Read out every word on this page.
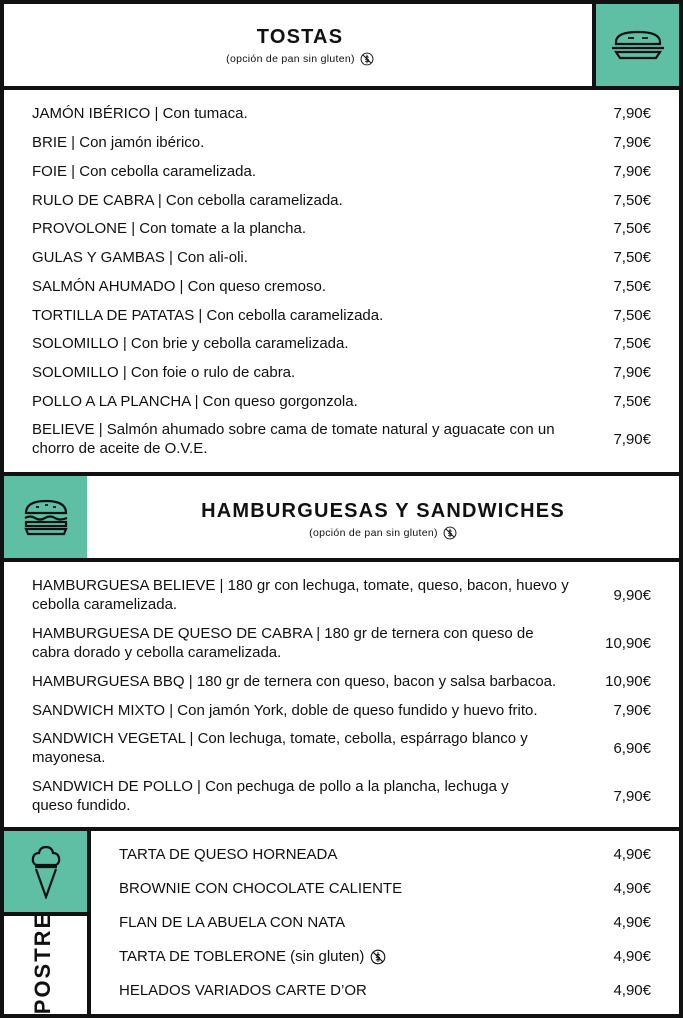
TOSTAS
(opción de pan sin gluten)
JAMÓN IBÉRICO | Con tumaca.	7,90€
BRIE | Con jamón ibérico.	7,90€
FOIE | Con cebolla caramelizada.	7,90€
RULO DE CABRA | Con cebolla caramelizada.	7,50€
PROVOLONE | Con tomate a la plancha.	7,50€
GULAS Y GAMBAS | Con ali-oli.	7,50€
SALMÓN AHUMADO | Con queso cremoso.	7,50€
TORTILLA DE PATATAS | Con cebolla caramelizada.	7,50€
SOLOMILLO | Con brie y cebolla caramelizada.	7,50€
SOLOMILLO | Con foie o rulo de cabra.	7,90€
POLLO A LA PLANCHA | Con queso gorgonzola.	7,50€
BELIEVE | Salmón ahumado sobre cama de tomate natural y aguacate con un chorro de aceite de O.V.E.
7,90€
HAMBURGUESAS Y SANDWICHES
(opción de pan sin gluten)
HAMBURGUESA BELIEVE | 180 gr con lechuga, tomate, queso, bacon, huevo y cebolla caramelizada.
9,90€
HAMBURGUESA DE QUESO DE CABRA | 180 gr de ternera con queso de cabra dorado y cebolla caramelizada.
10,90€
HAMBURGUESA BBQ | 180 gr de ternera con queso, bacon y salsa barbacoa.	10,90€
SANDWICH MIXTO | Con jamón York, doble de queso fundido y huevo frito.	7,90€
SANDWICH VEGETAL | Con lechuga, tomate, cebolla, espárrago blanco y mayonesa.
6,90€
SANDWICH DE POLLO | Con pechuga de pollo a la plancha, lechuga y queso fundido.
7,90€
POSTRE
TARTA DE QUESO HORNEADA	4,90€
BROWNIE CON CHOCOLATE CALIENTE	4,90€
FLAN DE LA ABUELA CON NATA	4,90€
TARTA DE TOBLERONE (sin gluten)	4,90€
HELADOS VARIADOS CARTE D’OR	4,90€
